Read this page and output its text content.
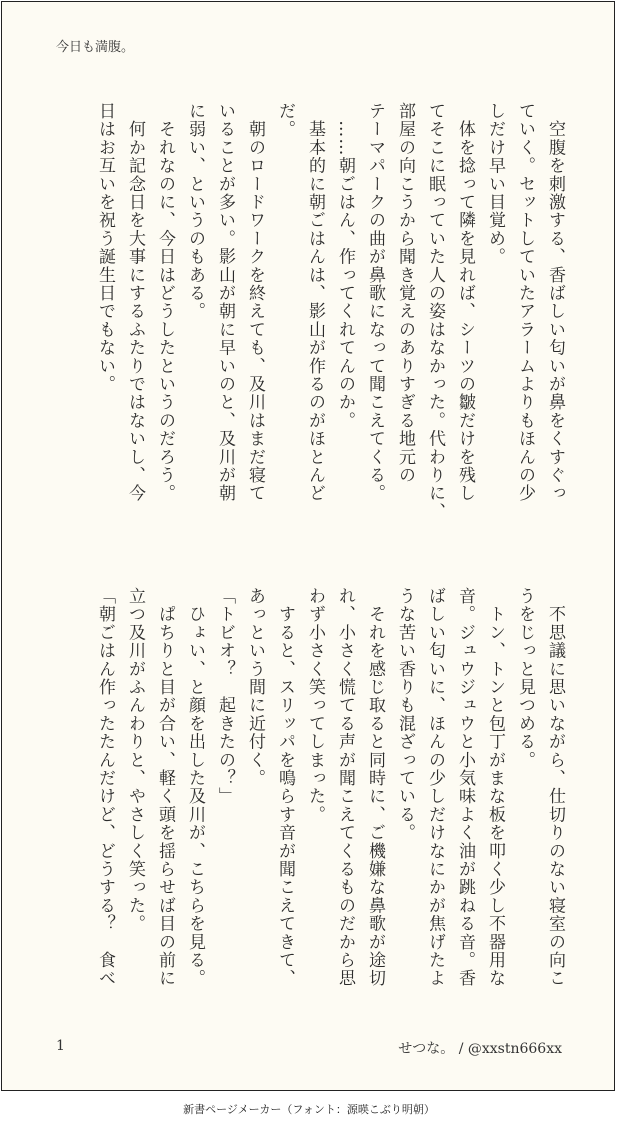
今日も満腹。
　空腹を刺激する、香ばしい匂いが鼻をくすぐっ
ていく。セットしていたアラームよりもほんの少
しだけ早い目覚め。
　体を捻って隣を見れば、シーツの皺だけを残し
てそこに眠っていた人の姿はなかった。代わりに、
部屋の向こうから聞き覚えのありすぎる地元の
テーマパークの曲が鼻歌になって聞こえてくる。
　……朝ごはん、作ってくれてんのか。
　基本的に朝ごはんは、影山が作るのがほとんど
だ。
　朝のロードワークを終えても、及川はまだ寝て
いることが多い。影山が朝に早いのと、及川が朝
に弱い、というのもある。
　それなのに、今日はどうしたというのだろう。
　何か記念日を大事にするふたりではないし、今
日はお互いを祝う誕生日でもない。
　不思議に思いながら、仕切りのない寝室の向こ
うをじっと見つめる。
　トン、トンと包丁がまな板を叩く少し不器用な
音。ジュウジュウと小気味よく油が跳ねる音。香
ばしい匂いに、ほんの少しだけなにかが焦げたよ
うな苦い香りも混ざっている。
　それを感じ取ると同時に、ご機嫌な鼻歌が途切
れ、小さく慌てる声が聞こえてくるものだから思
わず小さく笑ってしまった。
　すると、スリッパを鳴らす音が聞こえてきて、
あっという間に近付く。
「トビオ？　起きたの？」
　ひょい、と顔を出した及川が、こちらを見る。
　ぱちりと目が合い、軽く頭を揺らせば目の前に
立つ及川がふんわりと、やさしく笑った。
「朝ごはん作ったたんだけど、どうする？　食べ
1	せつな。 / @xxstn666xx
新書ページメーカー（フォント：源暎こぶり明朝）
